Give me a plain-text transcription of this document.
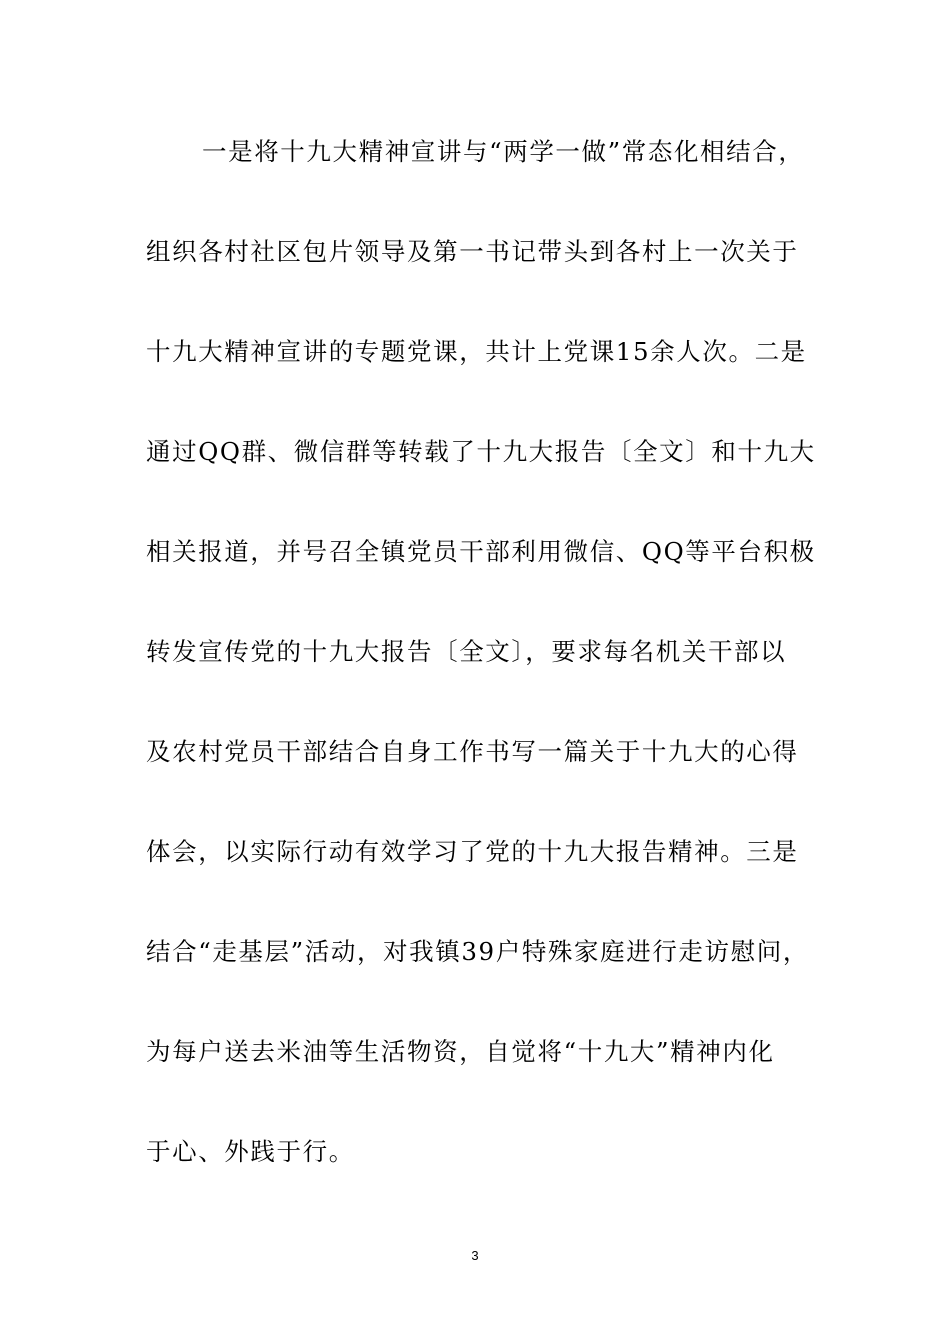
一是将十九大精神宣讲与“两学一做”常态化相结合，
组织各村社区包片领导及第一书记带头到各村上一次关于
十九大精神宣讲的专题党课，共计上党课15余人次。二是
通过QQ群、微信群等转载了十九大报告〔全文〕和十九大
相关报道，并号召全镇党员干部利用微信、QQ等平台积极
转发宣传党的十九大报告〔全文〕，要求每名机关干部以
及农村党员干部结合自身工作书写一篇关于十九大的心得
体会，以实际行动有效学习了党的十九大报告精神。三是
结合“走基层”活动，对我镇39户特殊家庭进行走访慰问，
为每户送去米油等生活物资，自觉将“十九大”精神内化
于心、外践于行。

3
